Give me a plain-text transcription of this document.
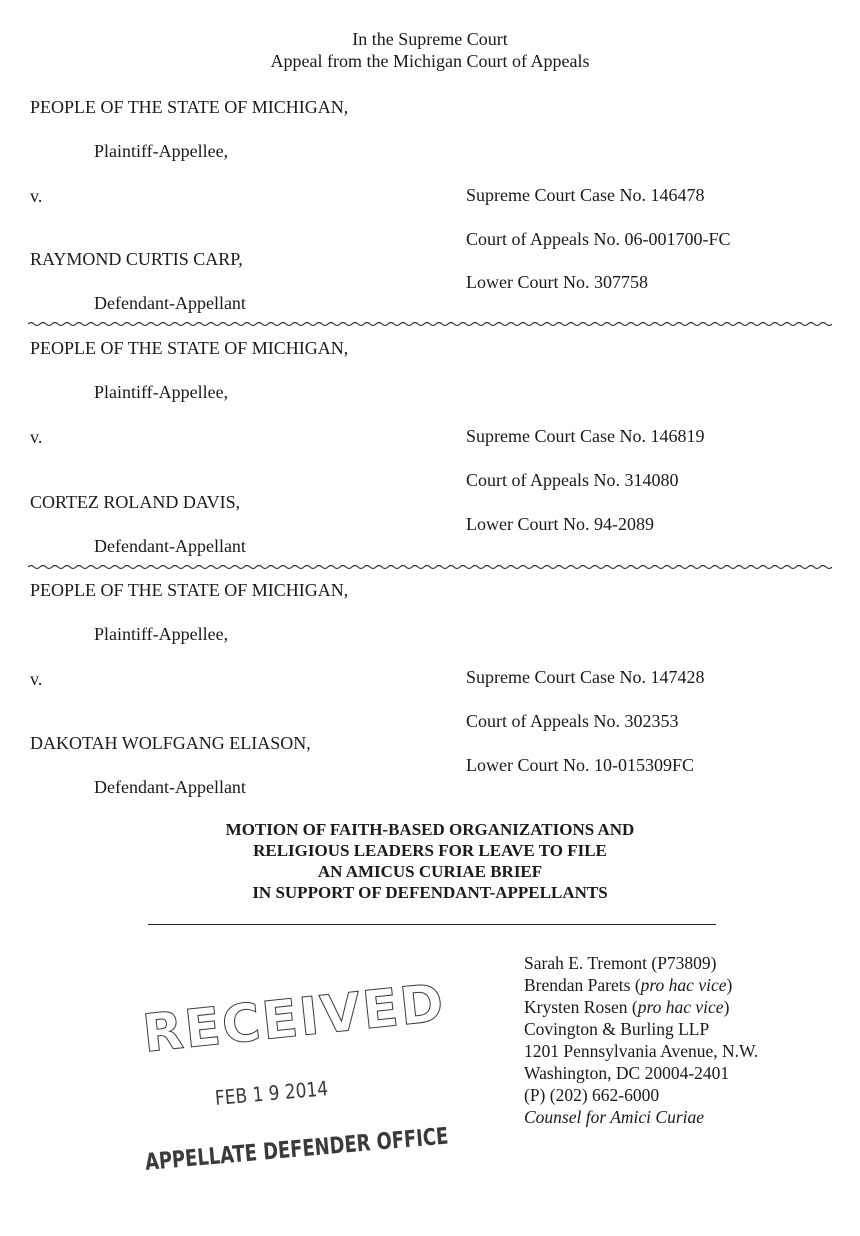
In the Supreme Court
Appeal from the Michigan Court of Appeals
PEOPLE OF THE STATE OF MICHIGAN,
Plaintiff-Appellee,
v.
RAYMOND CURTIS CARP,
Defendant-Appellant
Supreme Court Case No. 146478
Court of Appeals No. 06-001700-FC
Lower Court No. 307758
PEOPLE OF THE STATE OF MICHIGAN,
Plaintiff-Appellee,
v.
CORTEZ ROLAND DAVIS,
Defendant-Appellant
Supreme Court Case No. 146819
Court of Appeals No. 314080
Lower Court No. 94-2089
PEOPLE OF THE STATE OF MICHIGAN,
Plaintiff-Appellee,
v.
DAKOTAH WOLFGANG ELIASON,
Defendant-Appellant
Supreme Court Case No. 147428
Court of Appeals No. 302353
Lower Court No. 10-015309FC
MOTION OF FAITH-BASED ORGANIZATIONS AND
RELIGIOUS LEADERS FOR LEAVE TO FILE
AN AMICUS CURIAE BRIEF
IN SUPPORT OF DEFENDANT-APPELLANTS
Sarah E. Tremont (P73809)
Brendan Parets (pro hac vice)
Krysten Rosen (pro hac vice)
Covington & Burling LLP
1201 Pennsylvania Avenue, N.W.
Washington, DC 20004-2401
(P) (202) 662-6000
Counsel for Amici Curiae
RECEIVED
FEB 1 9 2014
APPELLATE DEFENDER OFFICE
